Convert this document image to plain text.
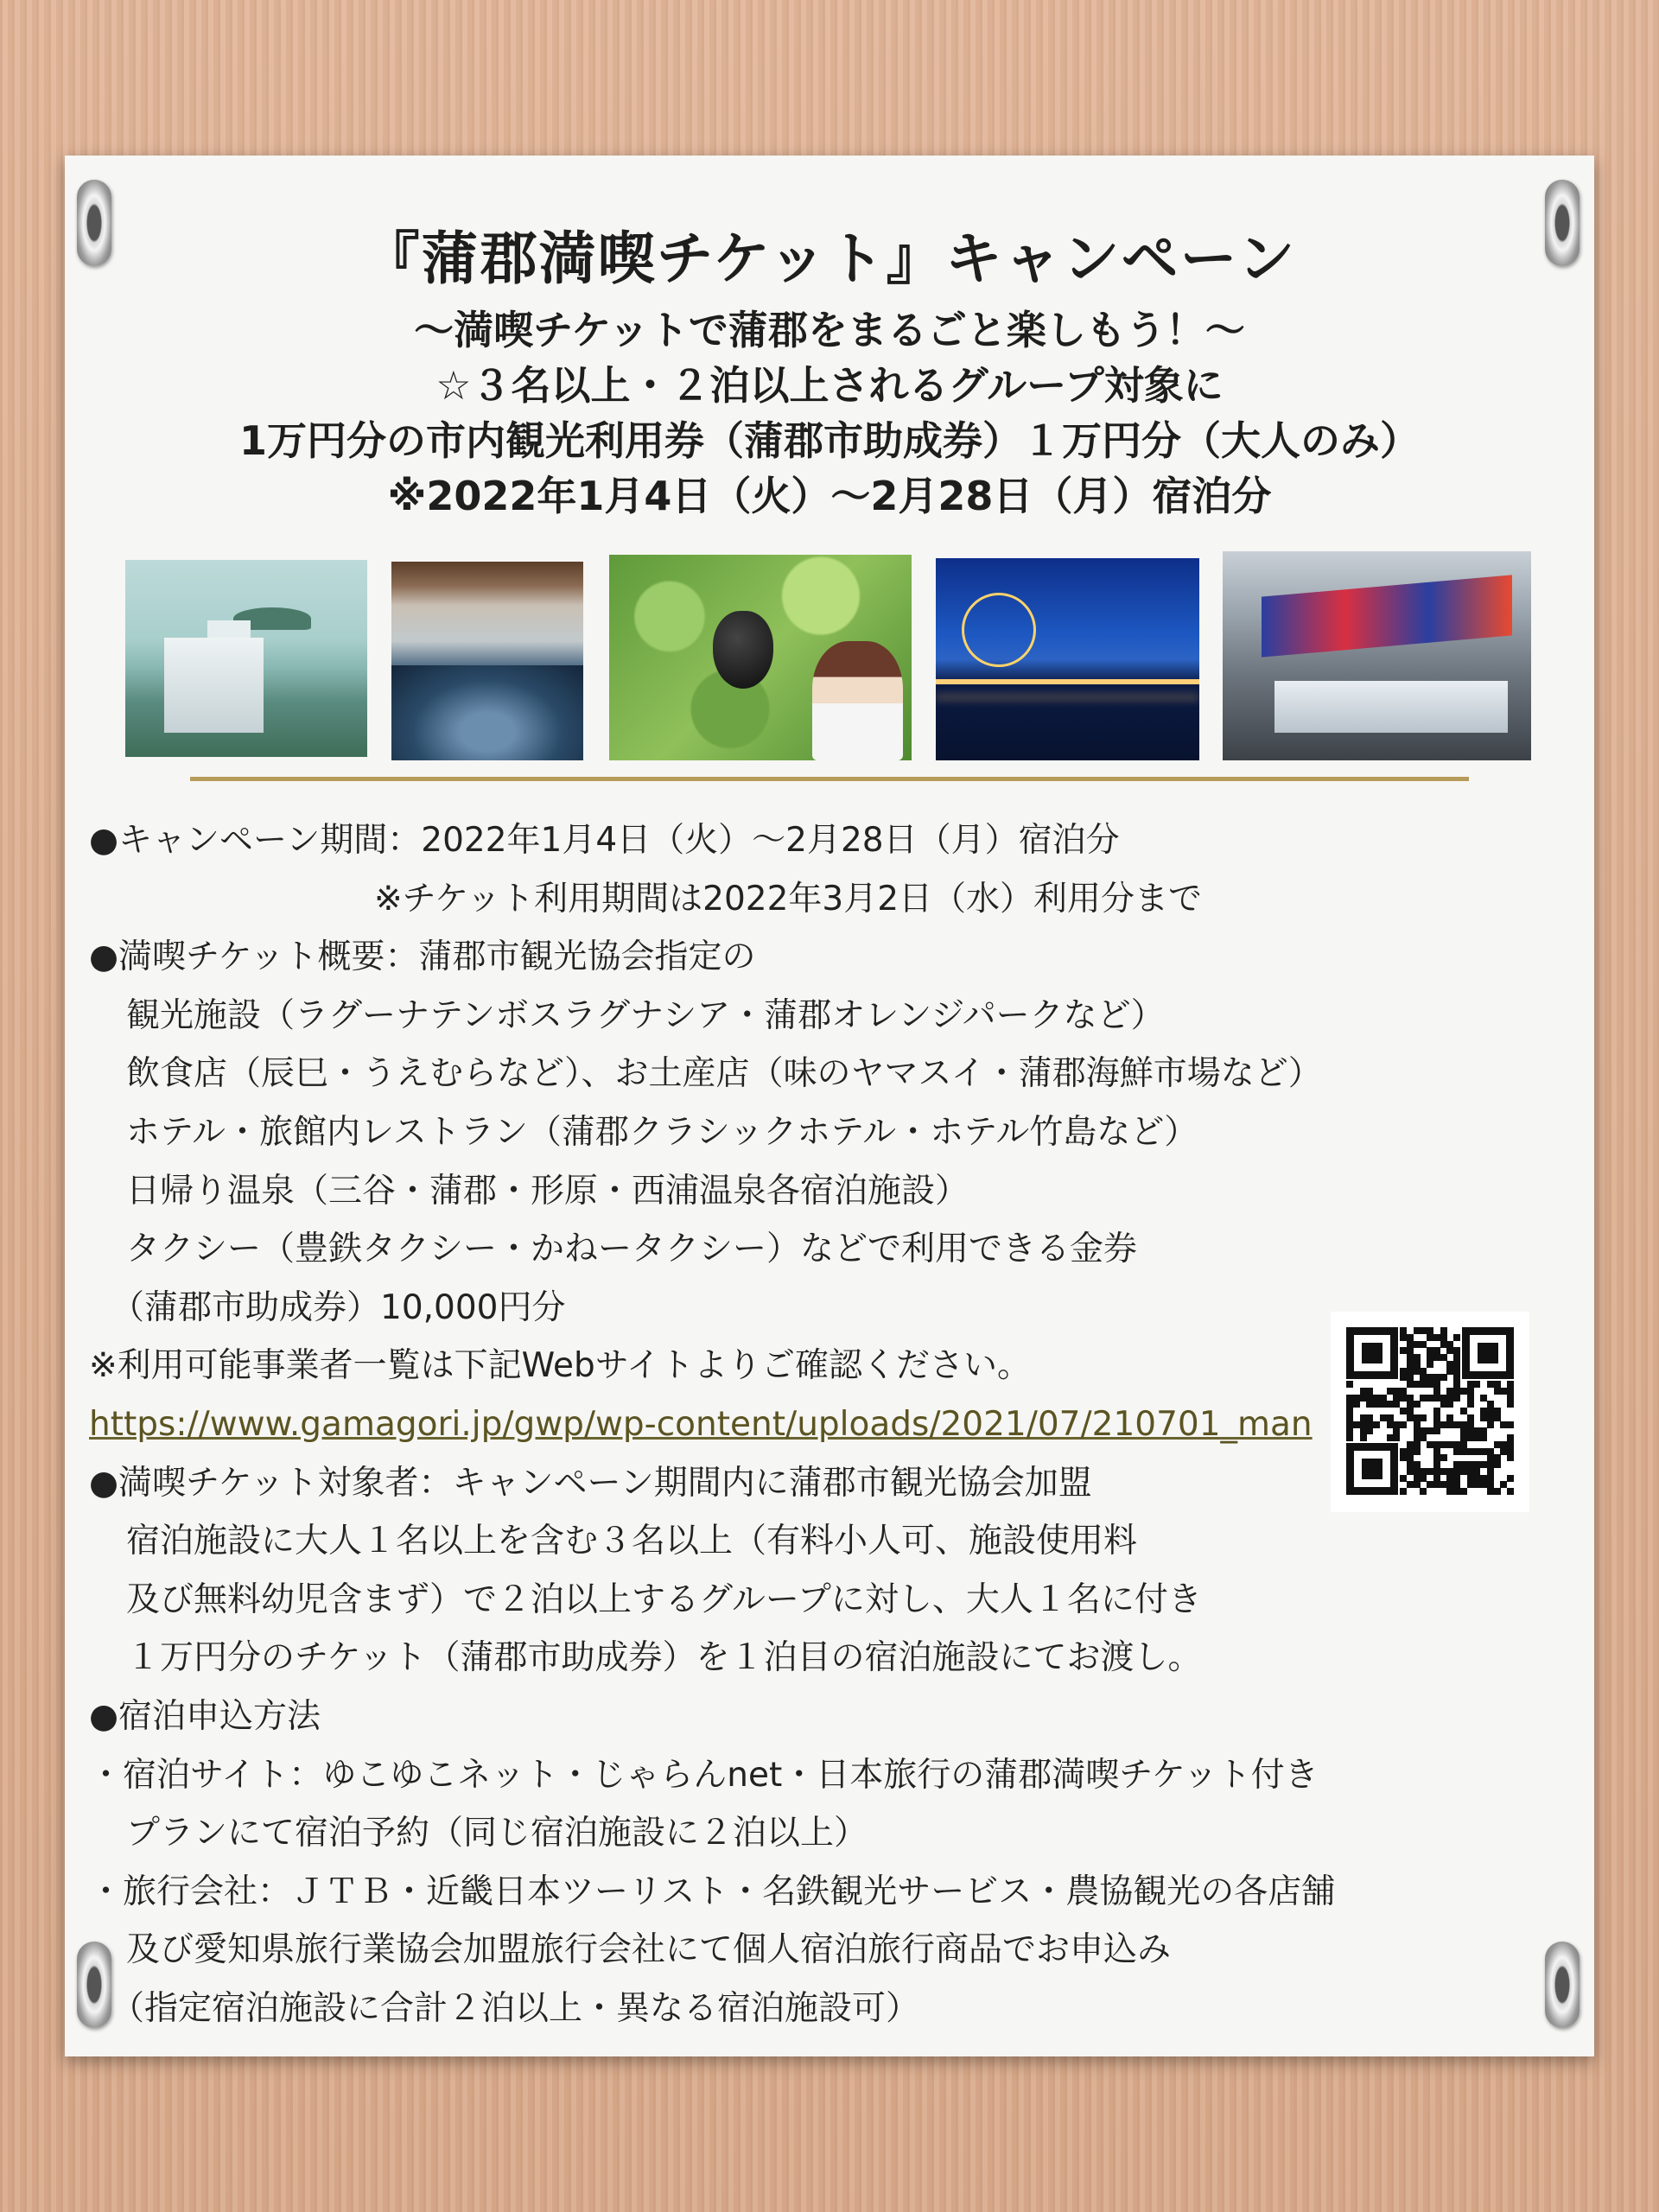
『蒲郡満喫チケット』キャンペーン
〜満喫チケットで蒲郡をまるごと楽しもう！〜
☆３名以上・２泊以上されるグループ対象に
1万円分の市内観光利用券（蒲郡市助成券）１万円分（大人のみ）
※2022年1月4日（火）〜2月28日（月）宿泊分
●キャンペーン期間：2022年1月4日（火）〜2月28日（月）宿泊分
※チケット利用期間は2022年3月2日（水）利用分まで
●満喫チケット概要：蒲郡市観光協会指定の
観光施設（ラグーナテンボスラグナシア・蒲郡オレンジパークなど）
飲食店（辰巳・うえむらなど）、お土産店（味のヤマスイ・蒲郡海鮮市場など）
ホテル・旅館内レストラン（蒲郡クラシックホテル・ホテル竹島など）
日帰り温泉（三谷・蒲郡・形原・西浦温泉各宿泊施設）
タクシー（豊鉄タクシー・かねータクシー）などで利用できる金券
（蒲郡市助成券）10,000円分
※利用可能事業者一覧は下記Webサイトよりご確認ください。
https://www.gamagori.jp/gwp/wp-content/uploads/2021/07/210701_man
●満喫チケット対象者：キャンペーン期間内に蒲郡市観光協会加盟
宿泊施設に大人１名以上を含む３名以上（有料小人可、施設使用料
及び無料幼児含まず）で２泊以上するグループに対し、大人１名に付き
１万円分のチケット（蒲郡市助成券）を１泊目の宿泊施設にてお渡し。
●宿泊申込方法
・宿泊サイト：ゆこゆこネット・じゃらんnet・日本旅行の蒲郡満喫チケット付き
プランにて宿泊予約（同じ宿泊施設に２泊以上）
・旅行会社：ＪＴＢ・近畿日本ツーリスト・名鉄観光サービス・農協観光の各店舗
及び愛知県旅行業協会加盟旅行会社にて個人宿泊旅行商品でお申込み
（指定宿泊施設に合計２泊以上・異なる宿泊施設可）
